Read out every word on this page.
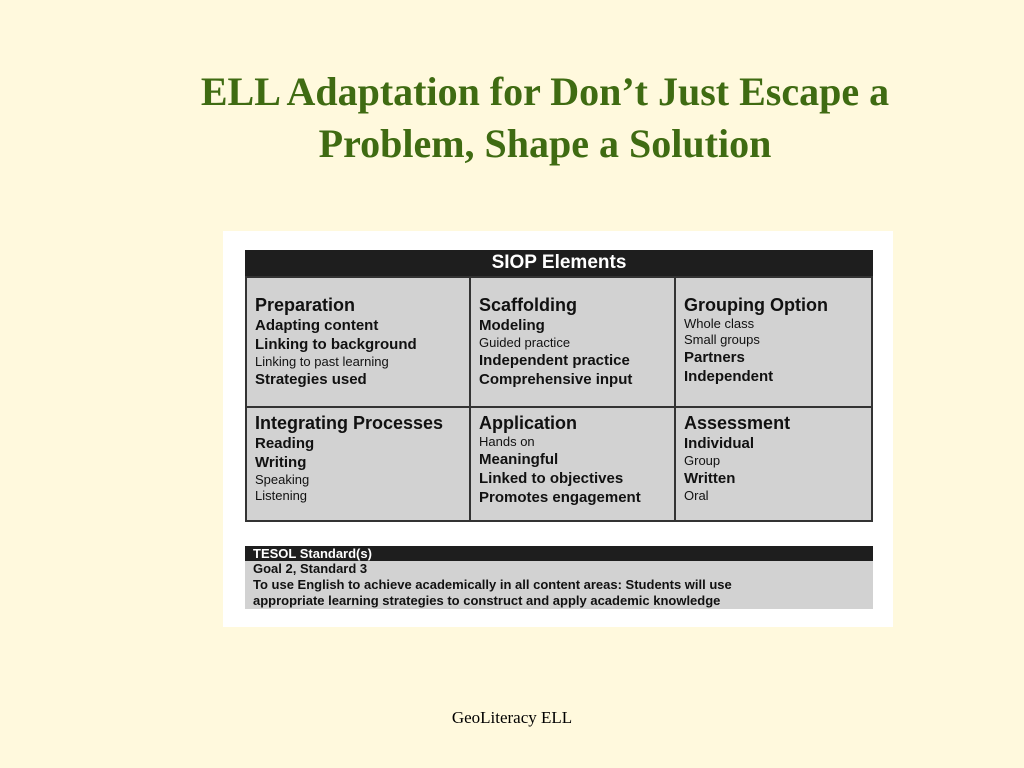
ELL Adaptation for Don’t Just Escape a
Problem, Shape a Solution
SIOP Elements
Preparation
Adapting content
Linking to background
Linking to past learning
Strategies used
Scaffolding
Modeling
Guided practice
Independent practice
Comprehensive input
Grouping Option
Whole class
Small groups
Partners
Independent
Integrating Processes
Reading
Writing
Speaking
Listening
Application
Hands on
Meaningful
Linked to objectives
Promotes engagement
Assessment
Individual
Group
Written
Oral
TESOL Standard(s)
Goal 2, Standard 3
To use English to achieve academically in all content areas: Students will use
appropriate learning strategies to construct and apply academic knowledge
GeoLiteracy ELL
